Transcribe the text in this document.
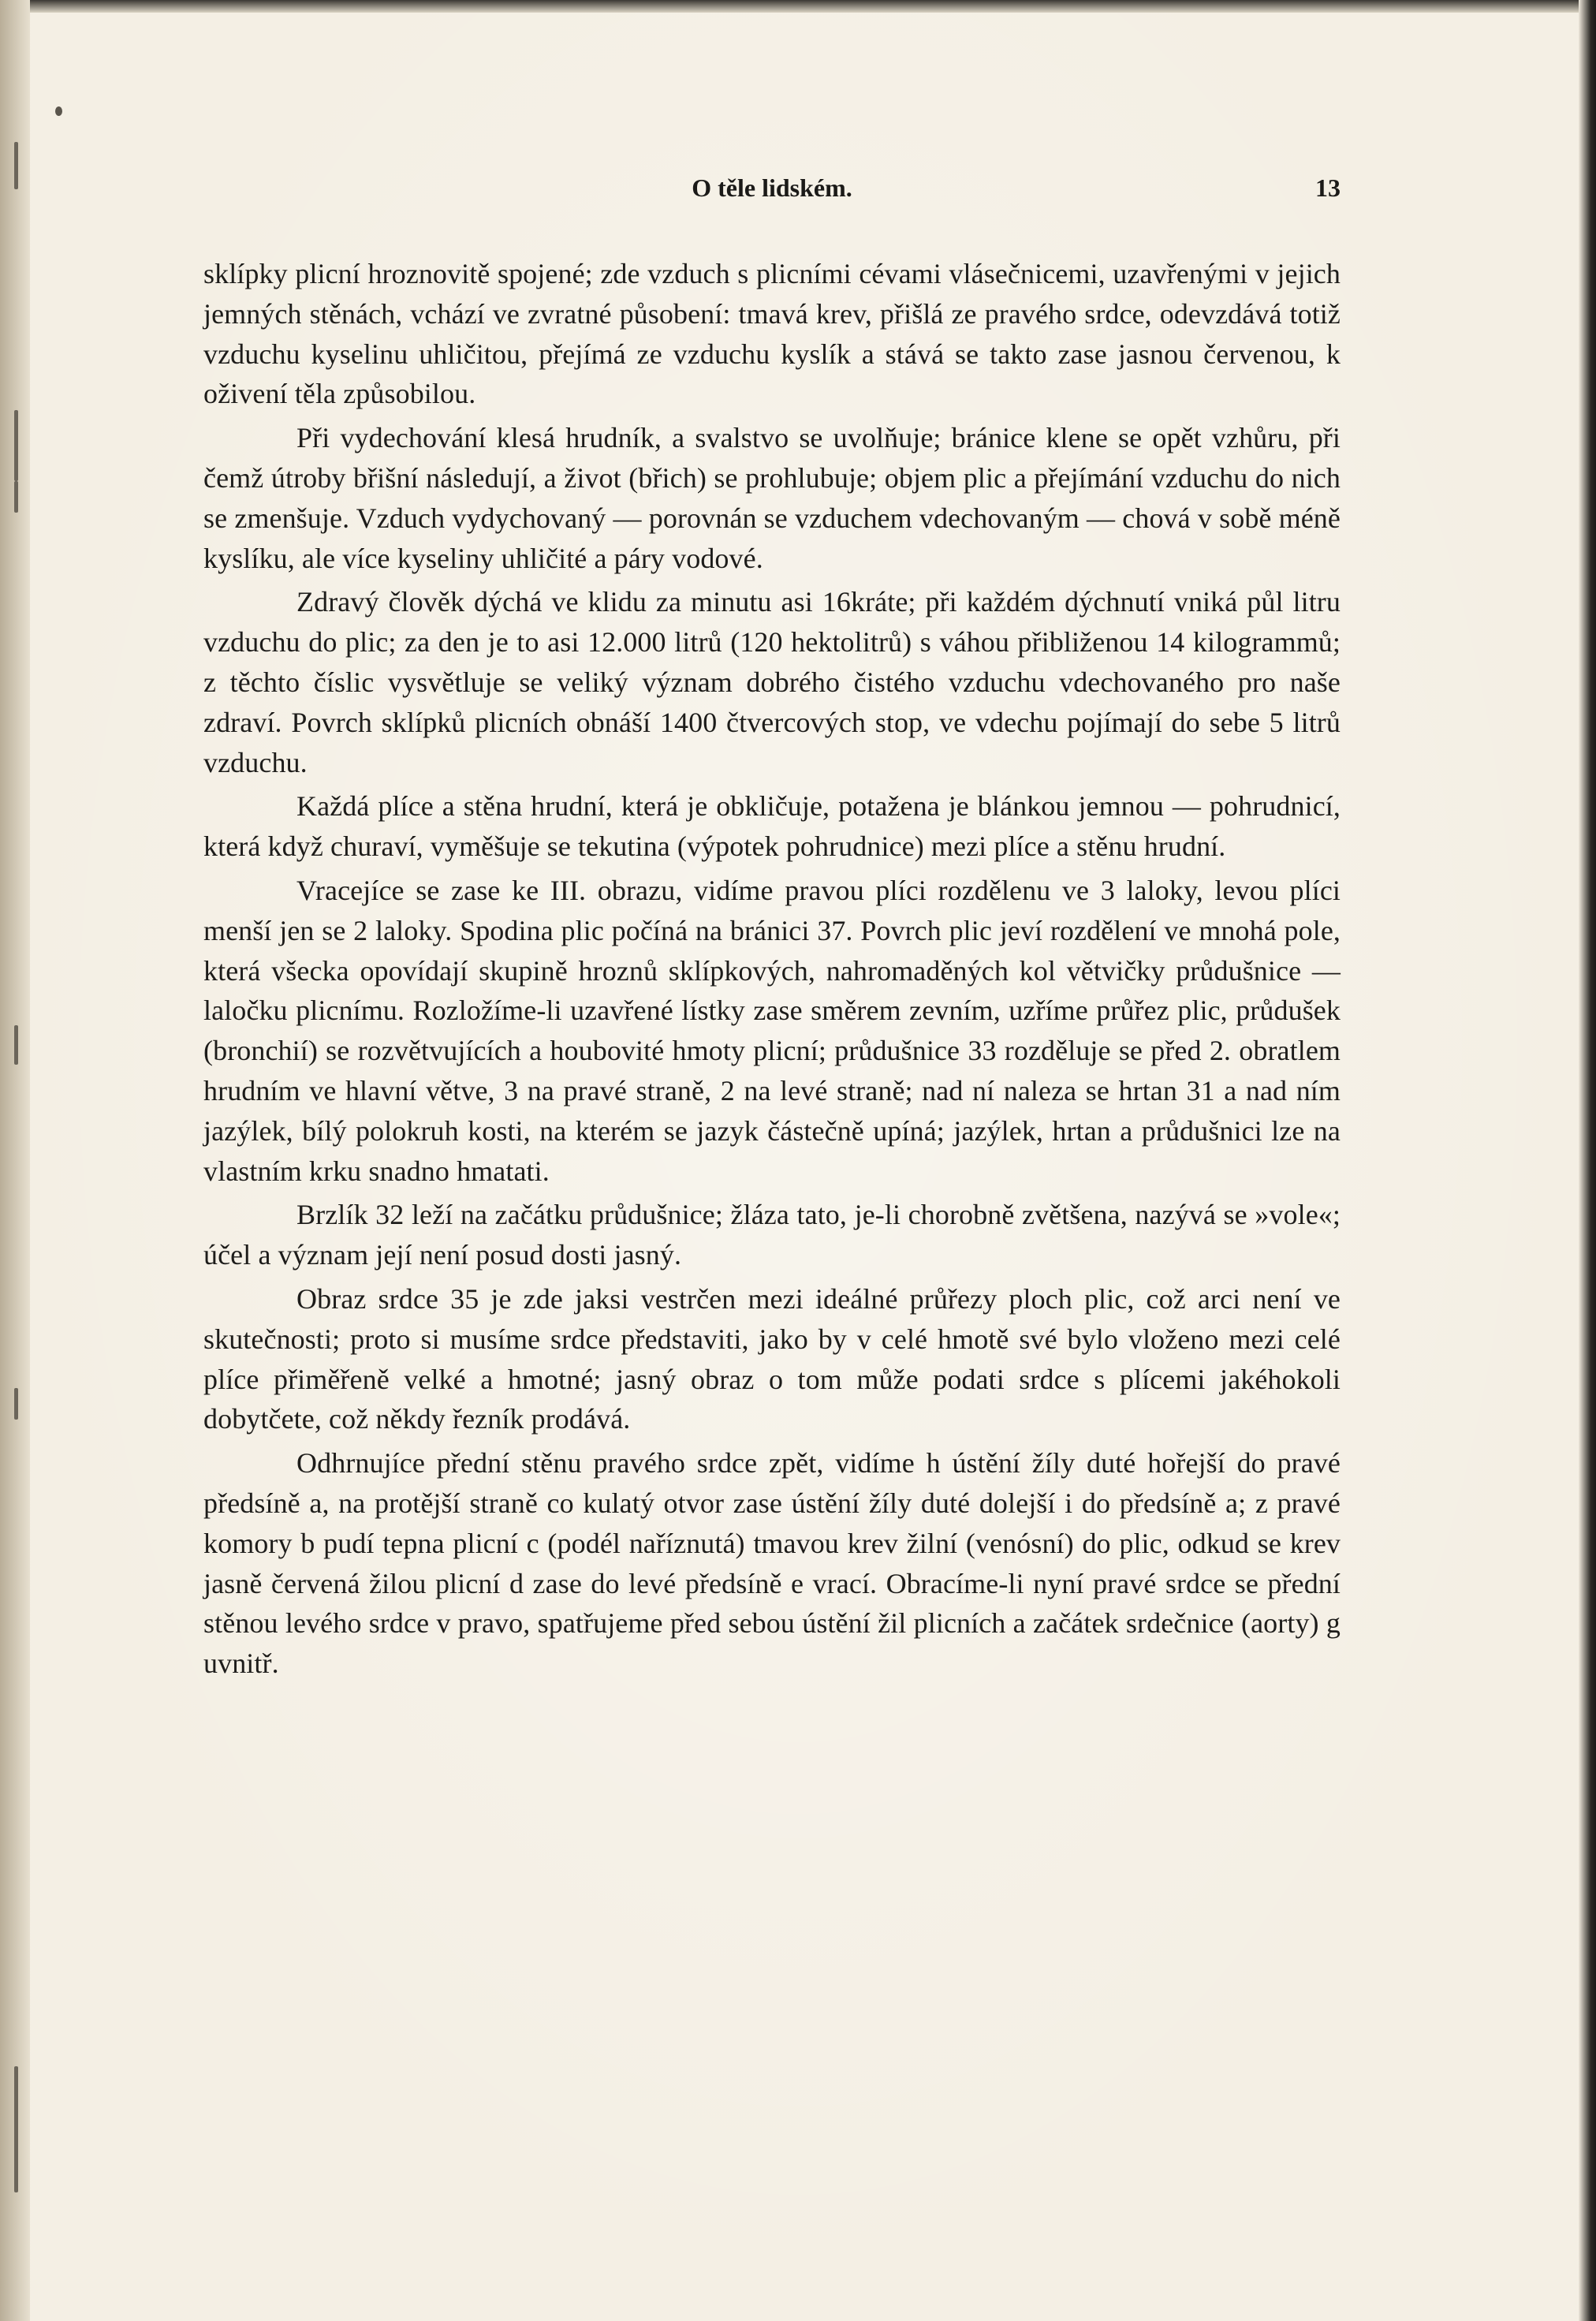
O těle lidském.	13

sklípky plicní hroznovitě spojené; zde vzduch s plicními cévami vlásečnicemi, uzavřenými v jejich jemných stěnách, vchází ve zvratné působení: tmavá krev, přišlá ze pravého srdce, odevzdává totiž vzduchu kyselinu uhličitou, přejímá ze vzduchu kyslík a stává se takto zase jasnou červenou, k oživení těla způsobilou.

Při vydechování klesá hrudník, a svalstvo se uvolňuje; bránice klene se opět vzhůru, při čemž útroby břišní následují, a život (břich) se prohlubuje; objem plic a přejímání vzduchu do nich se zmenšuje. Vzduch vydychovaný — porovnán se vzduchem vdechovaným — chová v sobě méně kyslíku, ale více kyseliny uhličité a páry vodové.

Zdravý člověk dýchá ve klidu za minutu asi 16kráte; při každém dýchnutí vniká půl litru vzduchu do plic; za den je to asi 12.000 litrů (120 hektolitrů) s váhou přibliženou 14 kilogrammů; z těchto číslic vysvětluje se veliký význam dobrého čistého vzduchu vdechovaného pro naše zdraví. Povrch sklípků plicních obnáší 1400 čtvercových stop, ve vdechu pojímají do sebe 5 litrů vzduchu.

Každá plíce a stěna hrudní, která je obkličuje, potažena je blánkou jemnou — pohrudnicí, která když churaví, vyměšuje se tekutina (výpotek pohrudnice) mezi plíce a stěnu hrudní.

Vracejíce se zase ke III. obrazu, vidíme pravou plíci rozdělenu ve 3 laloky, levou plíci menší jen se 2 laloky. Spodina plic počíná na bránici 37. Povrch plic jeví rozdělení ve mnohá pole, která všecka opovídají skupině hroznů sklípkových, nahromaděných kol větvičky průdušnice — laločku plicnímu. Rozložíme-li uzavřené lístky zase směrem zevním, uzříme průřez plic, průdušek (bronchií) se rozvětvujících a houbovité hmoty plicní; průdušnice 33 rozděluje se před 2. obratlem hrudním ve hlavní větve, 3 na pravé straně, 2 na levé straně; nad ní naleza se hrtan 31 a nad ním jazýlek, bílý polokruh kosti, na kterém se jazyk částečně upíná; jazýlek, hrtan a průdušnici lze na vlastním krku snadno hmatati.

Brzlík 32 leží na začátku průdušnice; žláza tato, je-li chorobně zvětšena, nazývá se »vole«; účel a význam její není posud dosti jasný.

Obraz srdce 35 je zde jaksi vestrčen mezi ideálné průřezy ploch plic, což arci není ve skutečnosti; proto si musíme srdce představiti, jako by v celé hmotě své bylo vloženo mezi celé plíce přiměřeně velké a hmotné; jasný obraz o tom může podati srdce s plícemi jakéhokoli dobytčete, což někdy řezník prodává.

Odhrnujíce přední stěnu pravého srdce zpět, vidíme h ústění žíly duté hořejší do pravé předsíně a, na protější straně co kulatý otvor zase ústění žíly duté dolejší i do předsíně a; z pravé komory b pudí tepna plicní c (podél naříznutá) tmavou krev žilní (venósní) do plic, odkud se krev jasně červená žilou plicní d zase do levé předsíně e vrací. Obracíme-li nyní pravé srdce se přední stěnou levého srdce v pravo, spatřujeme před sebou ústění žil plicních a začátek srdečnice (aorty) g uvnitř.
